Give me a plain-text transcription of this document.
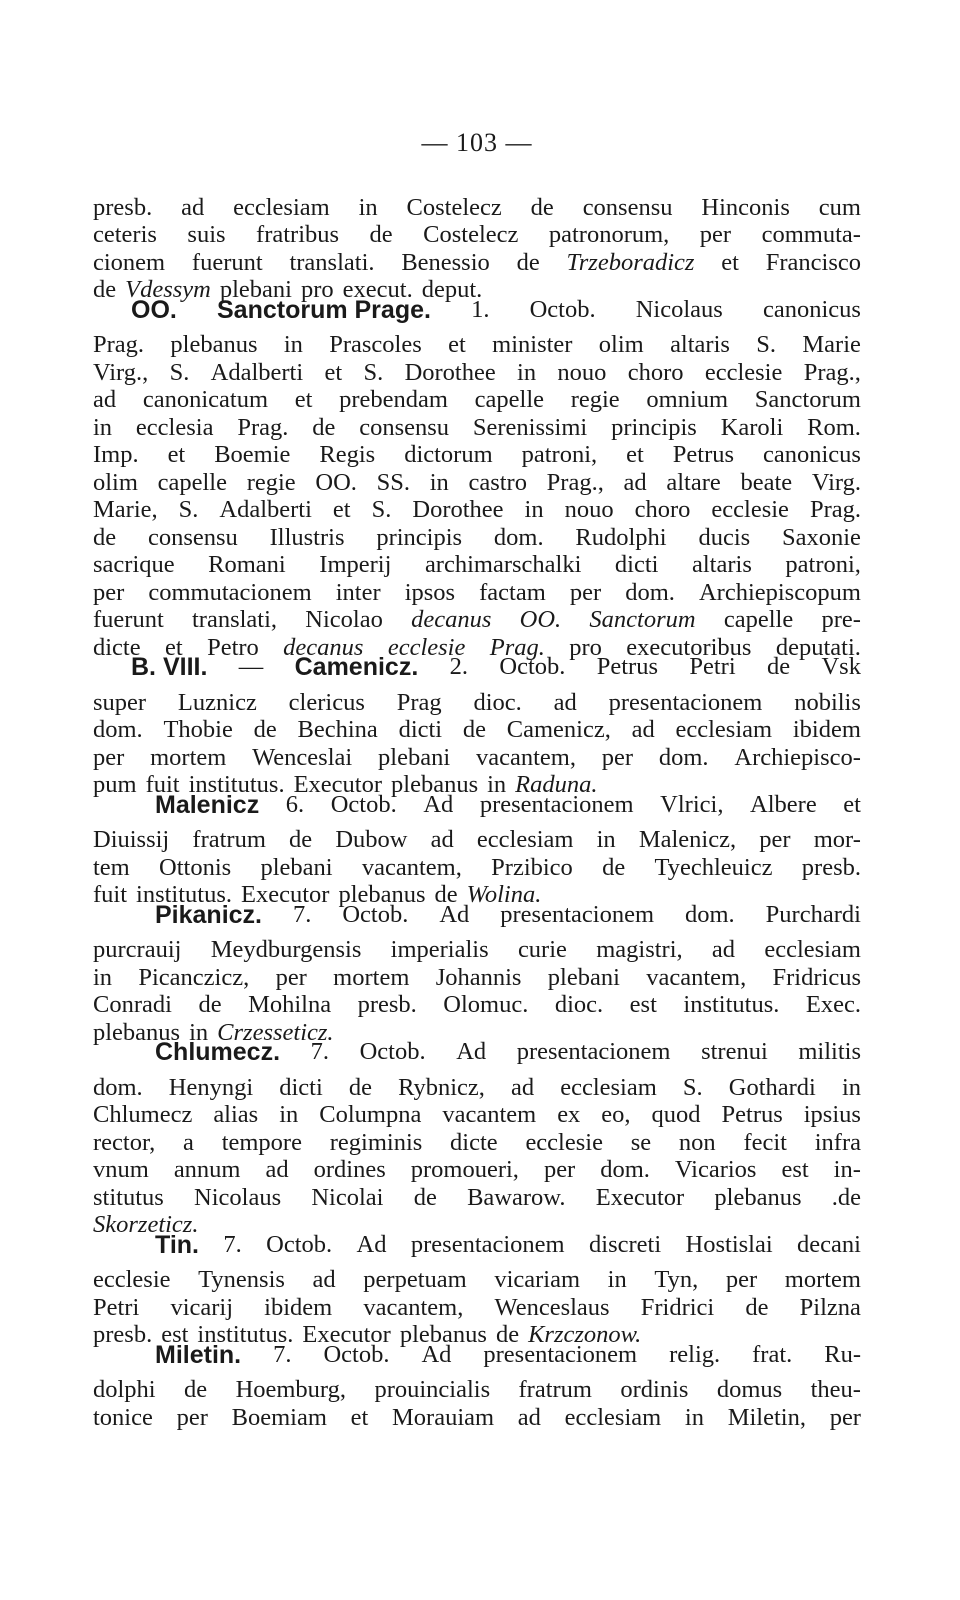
— 103 —
presb. ad ecclesiam in Costelecz de consensu Hinconis cum
ceteris suis fratribus de Costelecz patronorum, per commuta-
cionem fuerunt translati. Benessio de Trzeboradicz et Francisco
de Vdessym plebani pro execut. deput.
OO. Sanctorum Prage. 1. Octob. Nicolaus canonicus
Prag. plebanus in Prascoles et minister olim altaris S. Marie
Virg., S. Adalberti et S. Dorothee in nouo choro ecclesie Prag.,
ad canonicatum et prebendam capelle regie omnium Sanctorum
in ecclesia Prag. de consensu Serenissimi principis Karoli Rom.
Imp. et Boemie Regis dictorum patroni, et Petrus canonicus
olim capelle regie OO. SS. in castro Prag., ad altare beate Virg.
Marie, S. Adalberti et S. Dorothee in nouo choro ecclesie Prag.
de consensu Illustris principis dom. Rudolphi ducis Saxonie
sacrique Romani Imperij archimarschalki dicti altaris patroni,
per commutacionem inter ipsos factam per dom. Archiepiscopum
fuerunt translati, Nicolao decanus OO. Sanctorum capelle pre-
dicte et Petro decanus ecclesie Prag. pro executoribus deputati.
B. VIII. — Camenicz. 2. Octob. Petrus Petri de Vsk
super Luznicz clericus Prag dioc. ad presentacionem nobilis
dom. Thobie de Bechina dicti de Camenicz, ad ecclesiam ibidem
per mortem Wenceslai plebani vacantem, per dom. Archiepisco-
pum fuit institutus. Executor plebanus in Raduna.
Malenicz 6. Octob. Ad presentacionem Vlrici, Albere et
Diuissij fratrum de Dubow ad ecclesiam in Malenicz, per mor-
tem Ottonis plebani vacantem, Przibico de Tyechleuicz presb.
fuit institutus. Executor plebanus de Wolina.
Pikanicz. 7. Octob. Ad presentacionem dom. Purchardi
purcrauij Meydburgensis imperialis curie magistri, ad ecclesiam
in Picanczicz, per mortem Johannis plebani vacantem, Fridricus
Conradi de Mohilna presb. Olomuc. dioc. est institutus. Exec.
plebanus in Crzesseticz.
Chlumecz. 7. Octob. Ad presentacionem strenui militis
dom. Henyngi dicti de Rybnicz, ad ecclesiam S. Gothardi in
Chlumecz alias in Columpna vacantem ex eo, quod Petrus ipsius
rector, a tempore regiminis dicte ecclesie se non fecit infra
vnum annum ad ordines promoueri, per dom. Vicarios est in-
stitutus Nicolaus Nicolai de Bawarow. Executor plebanus .de
Skorzeticz.
Tin. 7. Octob. Ad presentacionem discreti Hostislai decani
ecclesie Tynensis ad perpetuam vicariam in Tyn, per mortem
Petri vicarij ibidem vacantem, Wenceslaus Fridrici de Pilzna
presb. est institutus. Executor plebanus de Krzczonow.
Miletin. 7. Octob. Ad presentacionem relig. frat. Ru-
dolphi de Hoemburg, prouincialis fratrum ordinis domus theu-
tonice per Boemiam et Morauiam ad ecclesiam in Miletin, per
